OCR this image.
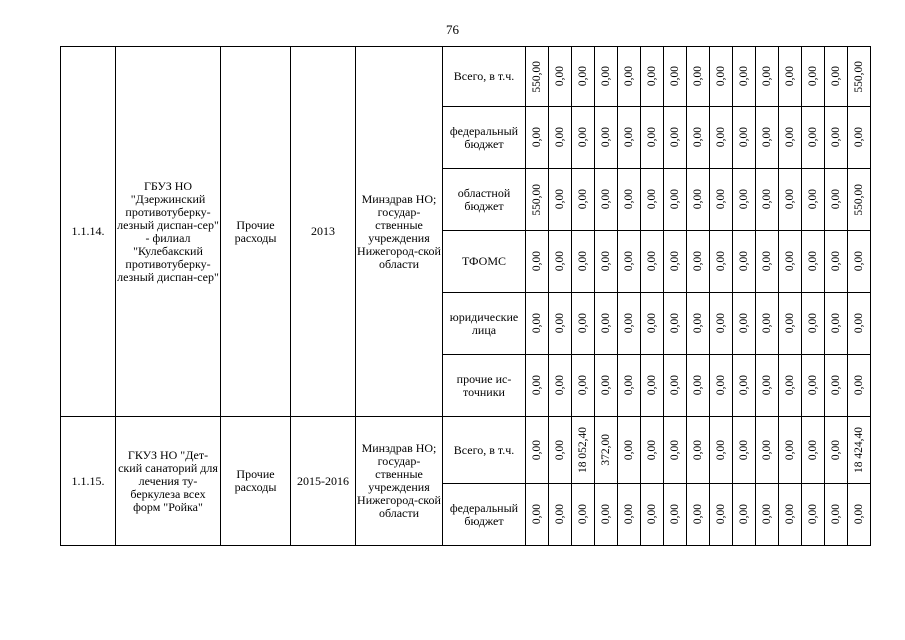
76
1.1.14.	ГБУЗ НО "Дзержинский противотуберку-лезный диспан-сер" - филиал "Кулебакский противотуберку-лезный диспан-сер"	Прочие расходы	2013	Минздрав НО; государ-ственные учреждения Нижегород-ской области	Всего, в т.ч.	550,00	0,00	0,00	0,00	0,00	0,00	0,00	0,00	0,00	0,00	0,00	0,00	0,00	0,00	550,00

					федеральный бюджет	0,00	0,00	0,00	0,00	0,00	0,00	0,00	0,00	0,00	0,00	0,00	0,00	0,00	0,00	0,00

					областной бюджет	550,00	0,00	0,00	0,00	0,00	0,00	0,00	0,00	0,00	0,00	0,00	0,00	0,00	0,00	550,00

					ТФОМС	0,00	0,00	0,00	0,00	0,00	0,00	0,00	0,00	0,00	0,00	0,00	0,00	0,00	0,00	0,00

					юридические лица	0,00	0,00	0,00	0,00	0,00	0,00	0,00	0,00	0,00	0,00	0,00	0,00	0,00	0,00	0,00

					прочие ис-точники	0,00	0,00	0,00	0,00	0,00	0,00	0,00	0,00	0,00	0,00	0,00	0,00	0,00	0,00	0,00

1.1.15.	ГКУЗ НО "Дет-ский санаторий для лечения ту-беркулеза всех форм "Ройка"	Прочие расходы	2015-2016	Минздрав НО; государ-ственные учреждения Нижегород-ской области	Всего, в т.ч.	0,00	0,00	18 052,40	372,00	0,00	0,00	0,00	0,00	0,00	0,00	0,00	0,00	0,00	0,00	18 424,40

					федеральный бюджет	0,00	0,00	0,00	0,00	0,00	0,00	0,00	0,00	0,00	0,00	0,00	0,00	0,00	0,00	0,00
